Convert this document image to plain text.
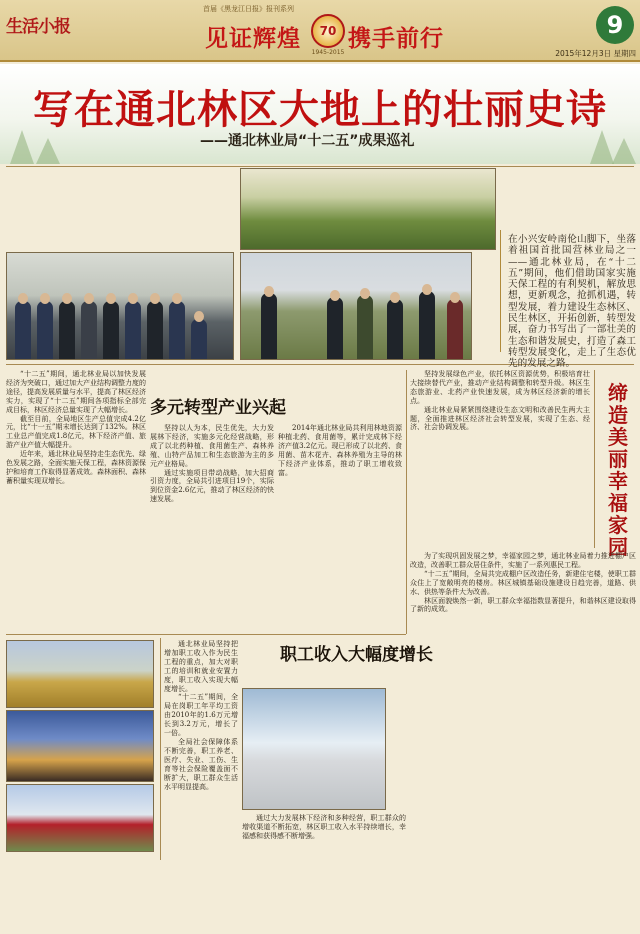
生活小报
首届《黑龙江日报》报刊系列
见证辉煌	70
1945-2015
携手前行	9
2015年12月3日 星期四
写在通北林区大地上的壮丽史诗
——通北林业局“十二五”成果巡礼
在小兴安岭南伦山脚下，坐落着祖国首批国营林业局之一——通北林业局，在“十二五”期间，他们借助国家实施天保工程的有利契机，解放思想，更新观念，抢抓机遇，转型发展，着力建设生态林区、民生林区，开拓创新，转型发展，奋力书写出了一部壮美的生态和谐发展史，打造了森工转型发展变化，走上了生态优先的发展之路。
多元转型产业兴起
职工收入大幅度增长
缔
造
美
丽
幸
福
家
园

“十二五”期间，通北林业局以加快发展经济为突破口，通过加大产业结构调整力度的途径，提高发展质量与水平，提高了林区经济实力，实现了“十二五”期间各项指标全部完成目标，林区经济总量实现了大幅增长。

截至目前，全局地区生产总值完成4.2亿元，比“十一五”期末增长达到了132%。林区工业总产值完成1.8亿元，林下经济产值、旅游产业产值大幅提升。

近年来，通北林业局坚持走生态优先、绿色发展之路，全面实施天保工程，森林资源保护和培育工作取得显著成效。森林面积、森林蓄积量实现双增长。

坚持以人为本，民生优先，大力发展林下经济，实施多元化经营战略，形成了以北药种植、食用菌生产、森林养殖、山特产品加工和生态旅游为主的多元产业格局。

通过实施项目带动战略，加大招商引资力度，全局共引进项目19个，实际到位资金2.6亿元，推动了林区经济的快速发展。

2014年通北林业局共利用林地资源种植北药、食用菌等，累计完成林下经济产值3.2亿元。现已形成了以北药、食用菌、苗木花卉、森林养殖为主导的林下经济产业体系，推动了职工增收致富。

坚持发展绿色产业，依托林区资源优势，积极培育壮大接续替代产业，推动产业结构调整和转型升级。林区生态旅游业、北药产业快速发展，成为林区经济新的增长点。

通北林业局紧紧围绕建设生态文明和改善民生两大主题，全面推进林区经济社会转型发展，实现了生态、经济、社会协调发展。

为了实现巩固发展之梦，幸福家园之梦，通北林业局着力推进棚户区改造，改善职工群众居住条件，实施了一系列惠民工程。

“十二五”期间，全局共完成棚户区改造任务，新建住宅楼，使职工群众住上了宽敞明亮的楼房。林区城镇基础设施建设日趋完善，道路、供水、供热等条件大为改善。

林区面貌焕然一新，职工群众幸福指数显著提升，和谐林区建设取得了新的成效。

通北林业局坚持把增加职工收入作为民生工程的重点，加大对职工的培训和就业安置力度，职工收入实现大幅度增长。

“十二五”期间，全局在岗职工年平均工资由2010年的1.6万元增长到3.2万元，增长了一倍。

全局社会保障体系不断完善，职工养老、医疗、失业、工伤、生育等社会保险覆盖面不断扩大，职工群众生活水平明显提高。

通过大力发展林下经济和多种经营，职工群众的增收渠道不断拓宽，林区职工收入水平持续增长，幸福感和获得感不断增强。
